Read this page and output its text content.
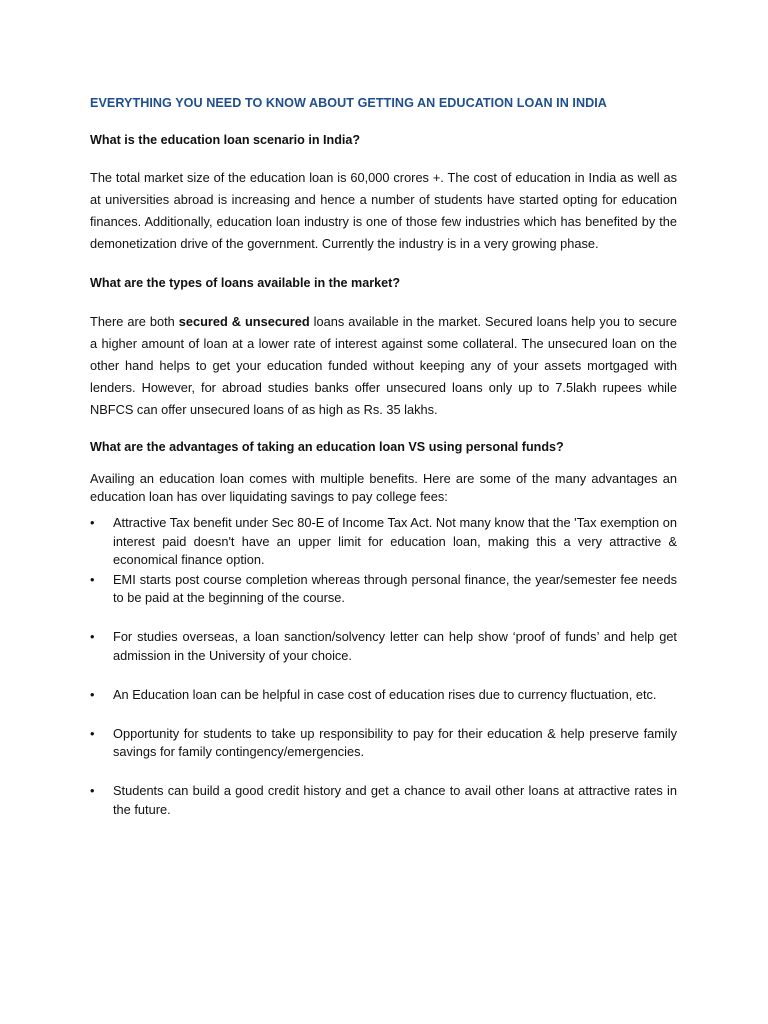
EVERYTHING YOU NEED TO KNOW ABOUT GETTING AN EDUCATION LOAN IN INDIA
What is the education loan scenario in India?

The total market size of the education loan is 60,000 crores +. The cost of education in India as well as at universities abroad is increasing and hence a number of students have started opting for education finances. Additionally, education loan industry is one of those few industries which has benefited by the demonetization drive of the government. Currently the industry is in a very growing phase.

What are the types of loans available in the market?

There are both secured & unsecured loans available in the market. Secured loans help you to secure a higher amount of loan at a lower rate of interest against some collateral. The unsecured loan on the other hand helps to get your education funded without keeping any of your assets mortgaged with lenders. However, for abroad studies banks offer unsecured loans only up to 7.5lakh rupees while NBFCS can offer unsecured loans of as high as Rs. 35 lakhs.

What are the advantages of taking an education loan VS using personal funds?

Availing an education loan comes with multiple benefits. Here are some of the many advantages an education loan has over liquidating savings to pay college fees:

• Attractive Tax benefit under Sec 80-E of Income Tax Act. Not many know that the 'Tax exemption on interest paid doesn't have an upper limit for education loan, making this a very attractive & economical finance option.
• EMI starts post course completion whereas through personal finance, the year/semester fee needs to be paid at the beginning of the course.
• For studies overseas, a loan sanction/solvency letter can help show ‘proof of funds’ and help get admission in the University of your choice.
• An Education loan can be helpful in case cost of education rises due to currency fluctuation, etc.
• Opportunity for students to take up responsibility to pay for their education & help preserve family savings for family contingency/emergencies.
• Students can build a good credit history and get a chance to avail other loans at attractive rates in the future.
